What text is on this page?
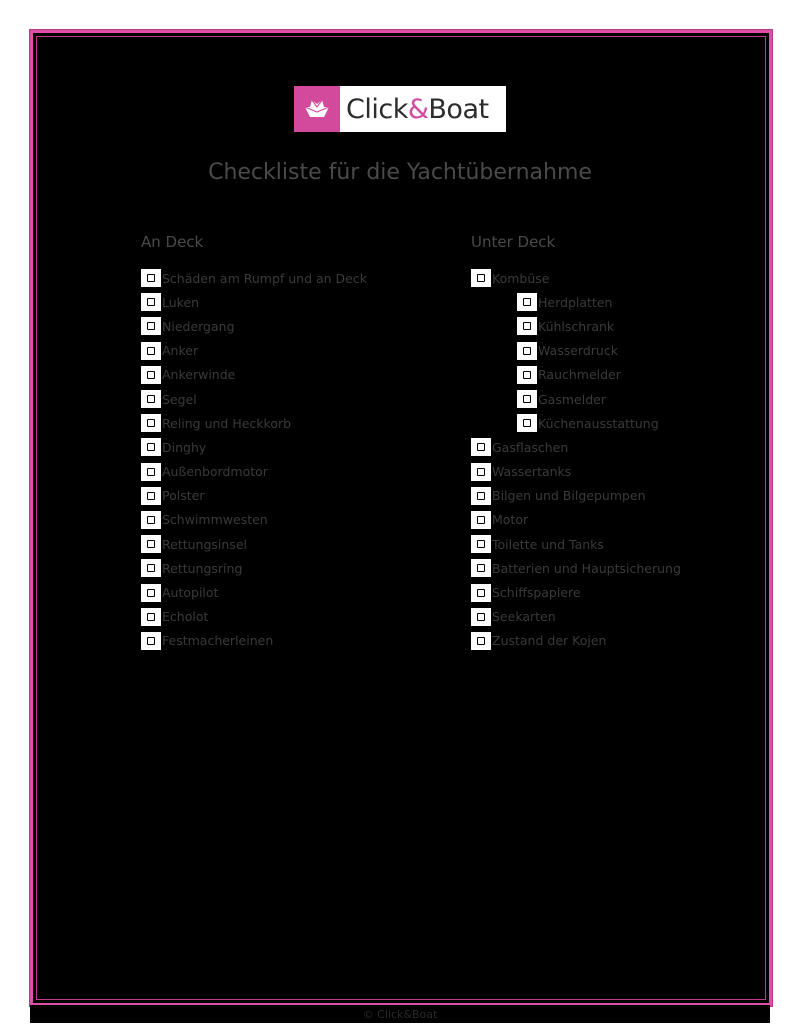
Click&Boat
Checkliste für die Yachtübernahme
An Deck	Unter Deck
Schäden am Rumpf und an Deck
Luken
Niedergang
Anker
Ankerwinde
Segel
Reling und Heckkorb
Dinghy
Außenbordmotor
Polster
Schwimmwesten
Rettungsinsel
Rettungsring
Autopilot
Echolot
Festmacherleinen
Kombüse
Herdplatten
Kühlschrank
Wasserdruck
Rauchmelder
Gasmelder
Küchenausstattung
Gasflaschen
Wassertanks
Bilgen und Bilgepumpen
Motor
Toilette und Tanks
Batterien und Hauptsicherung
Schiffspapiere
Seekarten
Zustand der Kojen
© Click&Boat
